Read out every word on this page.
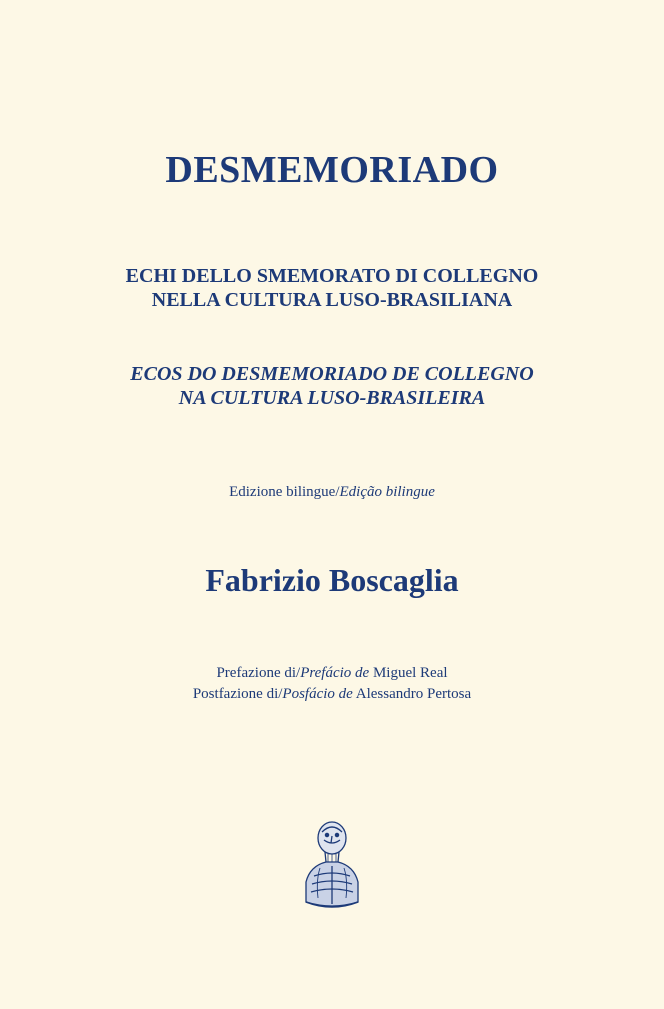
DESMEMORIADO
ECHI DELLO SMEMORATO DI COLLEGNO
NELLA CULTURA LUSO-BRASILIANA
ECOS DO DESMEMORIADO DE COLLEGNO
NA CULTURA LUSO-BRASILEIRA
Edizione bilingue/Edição bilingue
Fabrizio Boscaglia
Prefazione di/Prefácio de Miguel Real
Postfazione di/Posfácio de Alessandro Pertosa
